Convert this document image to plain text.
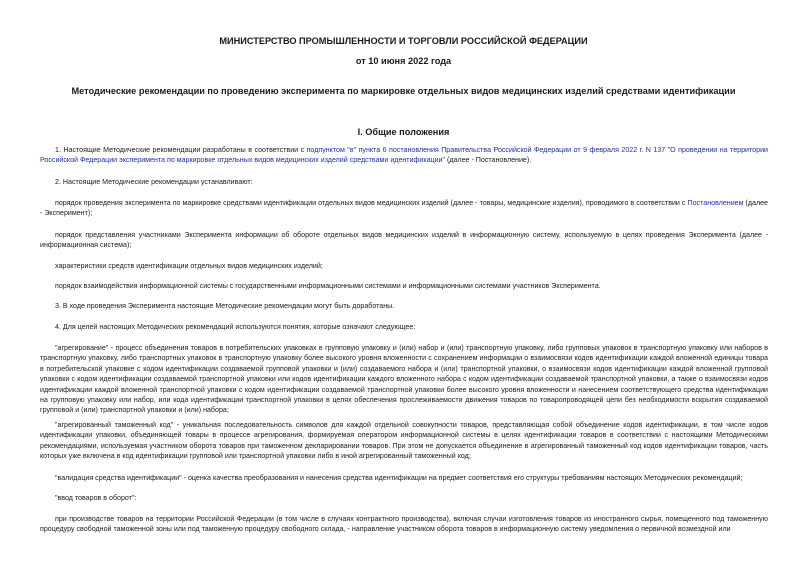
МИНИСТЕРСТВО ПРОМЫШЛЕННОСТИ И ТОРГОВЛИ РОССИЙСКОЙ ФЕДЕРАЦИИ
от 10 июня 2022 года
Методические рекомендации по проведению эксперимента по маркировке отдельных видов медицинских изделий средствами идентификации
I. Общие положения

1. Настоящие Методические рекомендации разработаны в соответствии с подпунктом "в" пункта 6 постановления Правительства Российской Федерации от 9 февраля 2022 г. N 137 "О проведении на территории Российской Федерации эксперимента по маркировке отдельных видов медицинских изделий средствами идентификации" (далее - Постановление).

2. Настоящие Методические рекомендации устанавливают:

порядок проведения эксперимента по маркировке средствами идентификации отдельных видов медицинских изделий (далее - товары, медицинские изделия), проводимого в соответствии с Постановлением (далее - Эксперимент);

порядок представления участниками Эксперимента информации об обороте отдельных видов медицинских изделий в информационную систему, используемую в целях проведения Эксперимента (далее - информационная система);

характеристики средств идентификации отдельных видов медицинских изделий;

порядок взаимодействия информационной системы с государственными информационными системами и информационными системами участников Эксперимента.

3. В ходе проведения Эксперимента настоящие Методические рекомендации могут быть доработаны.

4. Для целей настоящих Методических рекомендаций используются понятия, которые означают следующее:

"агрегирование" - процесс объединения товаров в потребительских упаковках в групповую упаковку и (или) набор и (или) транспортную упаковку, либо групповых упаковок в транспортную упаковку или наборов в транспортную упаковку, либо транспортных упаковок в транспортную упаковку более высокого уровня вложенности с сохранением информации о взаимосвязи кодов идентификации каждой вложенной единицы товара в потребительской упаковке с кодом идентификации создаваемой групповой упаковки и (или) создаваемого набора и (или) транспортной упаковки, о взаимосвязи кодов идентификации каждой вложенной групповой упаковки с кодом идентификации создаваемой транспортной упаковки или кодов идентификации каждого вложенного набора с кодом идентификации создаваемой транспортной упаковки, а также о взаимосвязи кодов идентификации каждой вложенной транспортной упаковки с кодом идентификации создаваемой транспортной упаковки более высокого уровня вложенности и нанесением соответствующего средства идентификации на групповую упаковку или набор, или кода идентификации транспортной упаковки в целях обеспечения прослеживаемости движения товаров по товаропроводящей цепи без необходимости вскрытия создаваемой групповой и (или) транспортной упаковки и (или) набора;

"агрегированный таможенный код" - уникальная последовательность символов для каждой отдельной совокупности товаров, представляющая собой объединение кодов идентификации, в том числе кодов идентификации упаковки, объединяющей товары в процессе агрегирования, формируемая оператором информационной системы в целях идентификации товаров в соответствии с настоящими Методическими рекомендациями, используемая участником оборота товаров при таможенном декларировании товаров. При этом не допускается объединение в агрегированный таможенный код кодов идентификации товаров, часть которых уже включена в код идентификации групповой или транспортной упаковки либо в иной агрегированный таможенный код;

"валидация средства идентификации" - оценка качества преобразования и нанесения средства идентификации на предмет соответствия его структуры требованиям настоящих Методических рекомендаций;

"ввод товаров в оборот":

при производстве товаров на территории Российской Федерации (в том числе в случаях контрактного производства), включая случаи изготовления товаров из иностранного сырья, помещенного под таможенную процедуру свободной таможенной зоны или под таможенную процедуру свободного склада, - направление участником оборота товаров в информационную систему уведомления о первичной возмездной или
